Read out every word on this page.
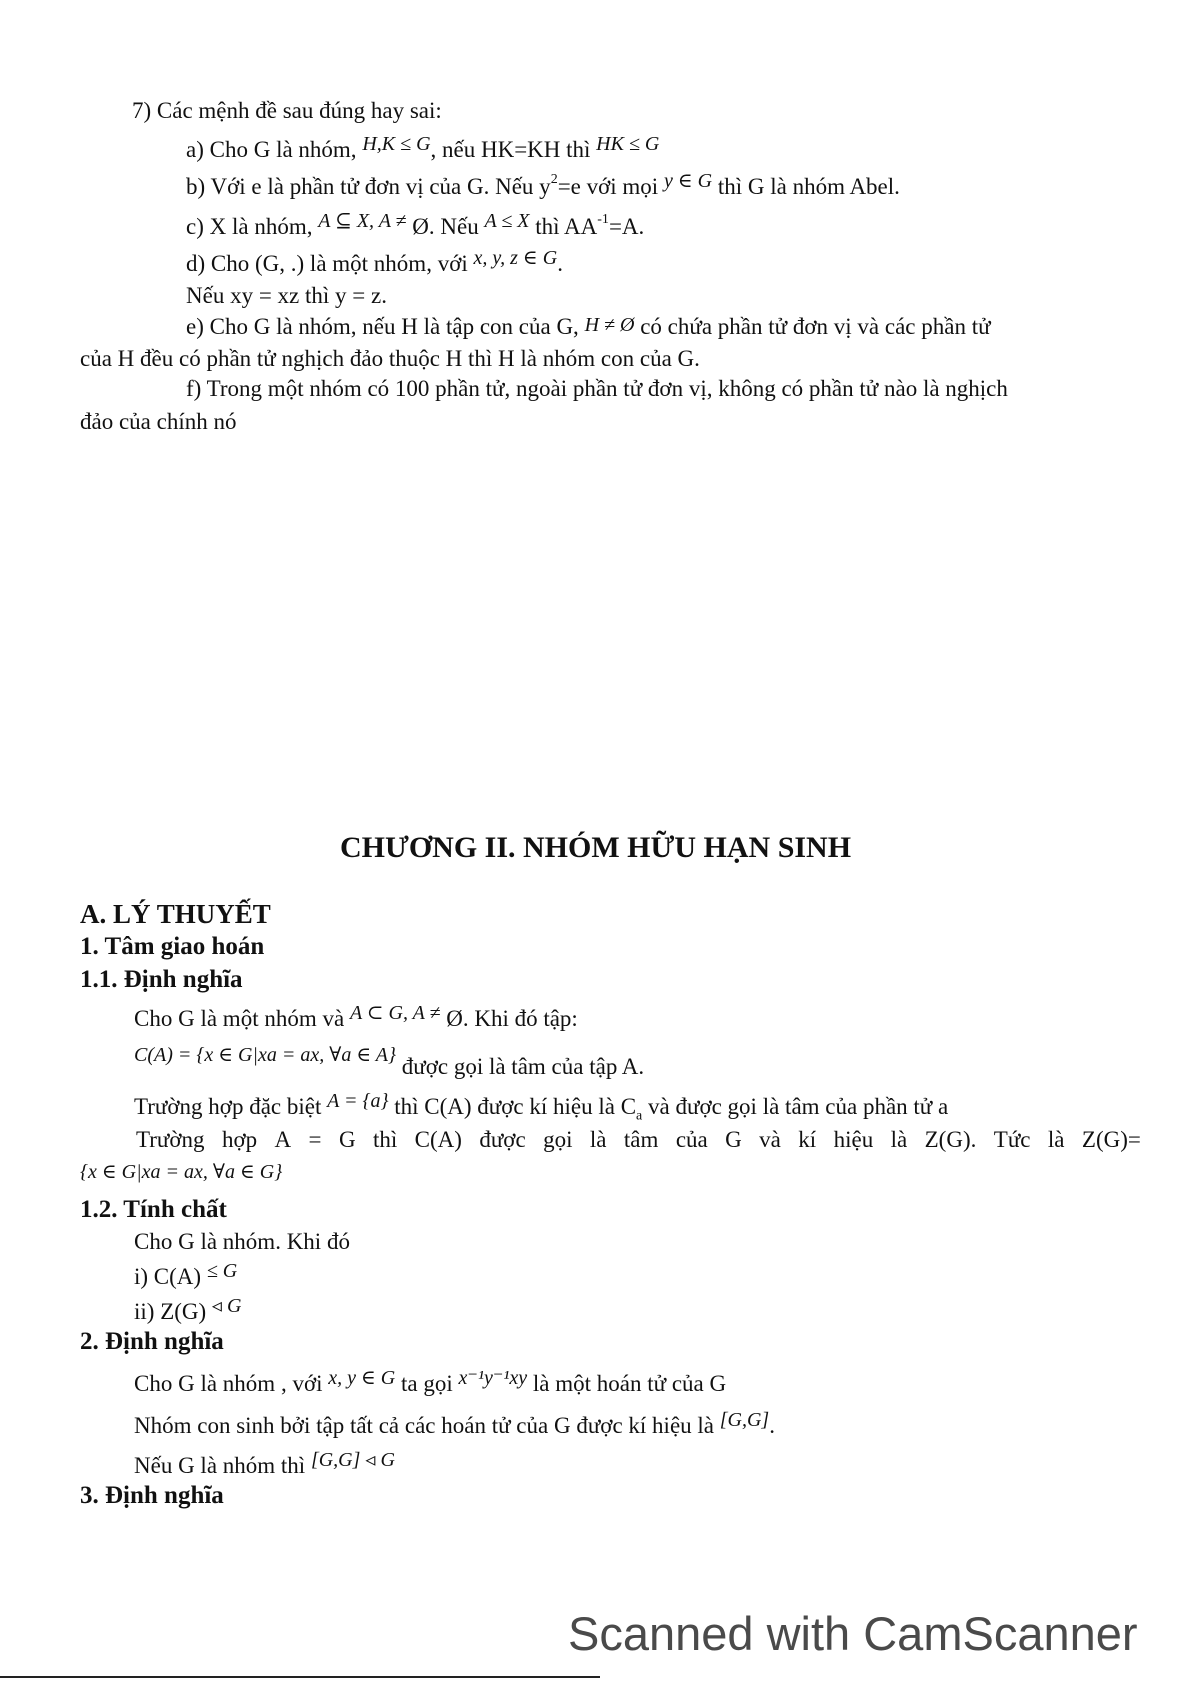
7) Các mệnh đề sau đúng hay sai:
a) Cho G là nhóm, H,K ≤ G, nếu HK=KH thì HK ≤ G
b) Với e là phần tử đơn vị của G. Nếu $y^2=e$ với mọi y ∈ G thì G là nhóm Abel.
c) X là nhóm, A ⊆ X, A ≠ Ø. Nếu A ≤ X thì $AA^{-1}=A$.
d) Cho (G, .) là một nhóm, với x, y, z ∈ G.
Nếu xy = xz thì y = z.
e) Cho G là nhóm, nếu H là tập con của G, H ≠ Ø có chứa phần tử đơn vị và các phần tử
của H đều có phần tử nghịch đảo thuộc H thì H là nhóm con của G.
f) Trong một nhóm có 100 phần tử, ngoài phần tử đơn vị, không có phần tử nào là nghịch
đảo của chính nó
CHƯƠNG II. NHÓM HỮU HẠN SINH
A. LÝ THUYẾT
1. Tâm giao hoán
1.1. Định nghĩa
Cho G là một nhóm và A ⊂ G, A ≠ Ø. Khi đó tập:
C(A) = {x ∈ G|xa = ax, ∀a ∈ A} được gọi là tâm của tập A.
Trường hợp đặc biệt A = {a} thì C(A) được kí hiệu là $C_a$ và được gọi là tâm của phần tử a
Trường hợp A = G thì C(A) được gọi là tâm của G và kí hiệu là Z(G). Tức là Z(G)=
{x ∈ G|xa = ax, ∀a ∈ G}
1.2. Tính chất
Cho G là nhóm. Khi đó
i) C(A) ≤ G
ii) Z(G) ◃ G
2. Định nghĩa
Cho G là nhóm , với x, y ∈ G ta gọi x⁻¹y⁻¹xy là một hoán tử của G
Nhóm con sinh bởi tập tất cả các hoán tử của G được kí hiệu là [G,G].
Nếu G là nhóm thì [G,G] ◃ G
3. Định nghĩa
Scanned with CamScanner
